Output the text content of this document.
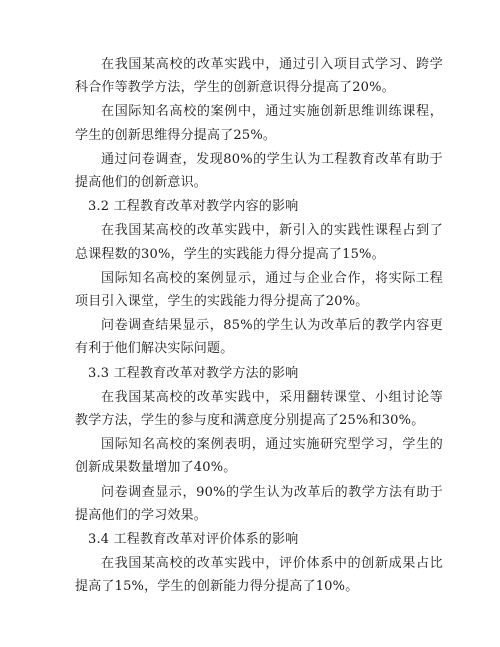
在我国某高校的改革实践中，通过引入项目式学习、跨学科合作等教学方法，学生的创新意识得分提高了20%。

在国际知名高校的案例中，通过实施创新思维训练课程，学生的创新思维得分提高了25%。

通过问卷调查，发现80%的学生认为工程教育改革有助于提高他们的创新意识。

3.2 工程教育改革对教学内容的影响

在我国某高校的改革实践中，新引入的实践性课程占到了总课程数的30%，学生的实践能力得分提高了15%。

国际知名高校的案例显示，通过与企业合作，将实际工程项目引入课堂，学生的实践能力得分提高了20%。

问卷调查结果显示，85%的学生认为改革后的教学内容更有利于他们解决实际问题。

3.3 工程教育改革对教学方法的影响

在我国某高校的改革实践中，采用翻转课堂、小组讨论等教学方法，学生的参与度和满意度分别提高了25%和30%。

国际知名高校的案例表明，通过实施研究型学习，学生的创新成果数量增加了40%。

问卷调查显示，90%的学生认为改革后的教学方法有助于提高他们的学习效果。

3.4 工程教育改革对评价体系的影响

在我国某高校的改革实践中，评价体系中的创新成果占比提高了15%，学生的创新能力得分提高了10%。
